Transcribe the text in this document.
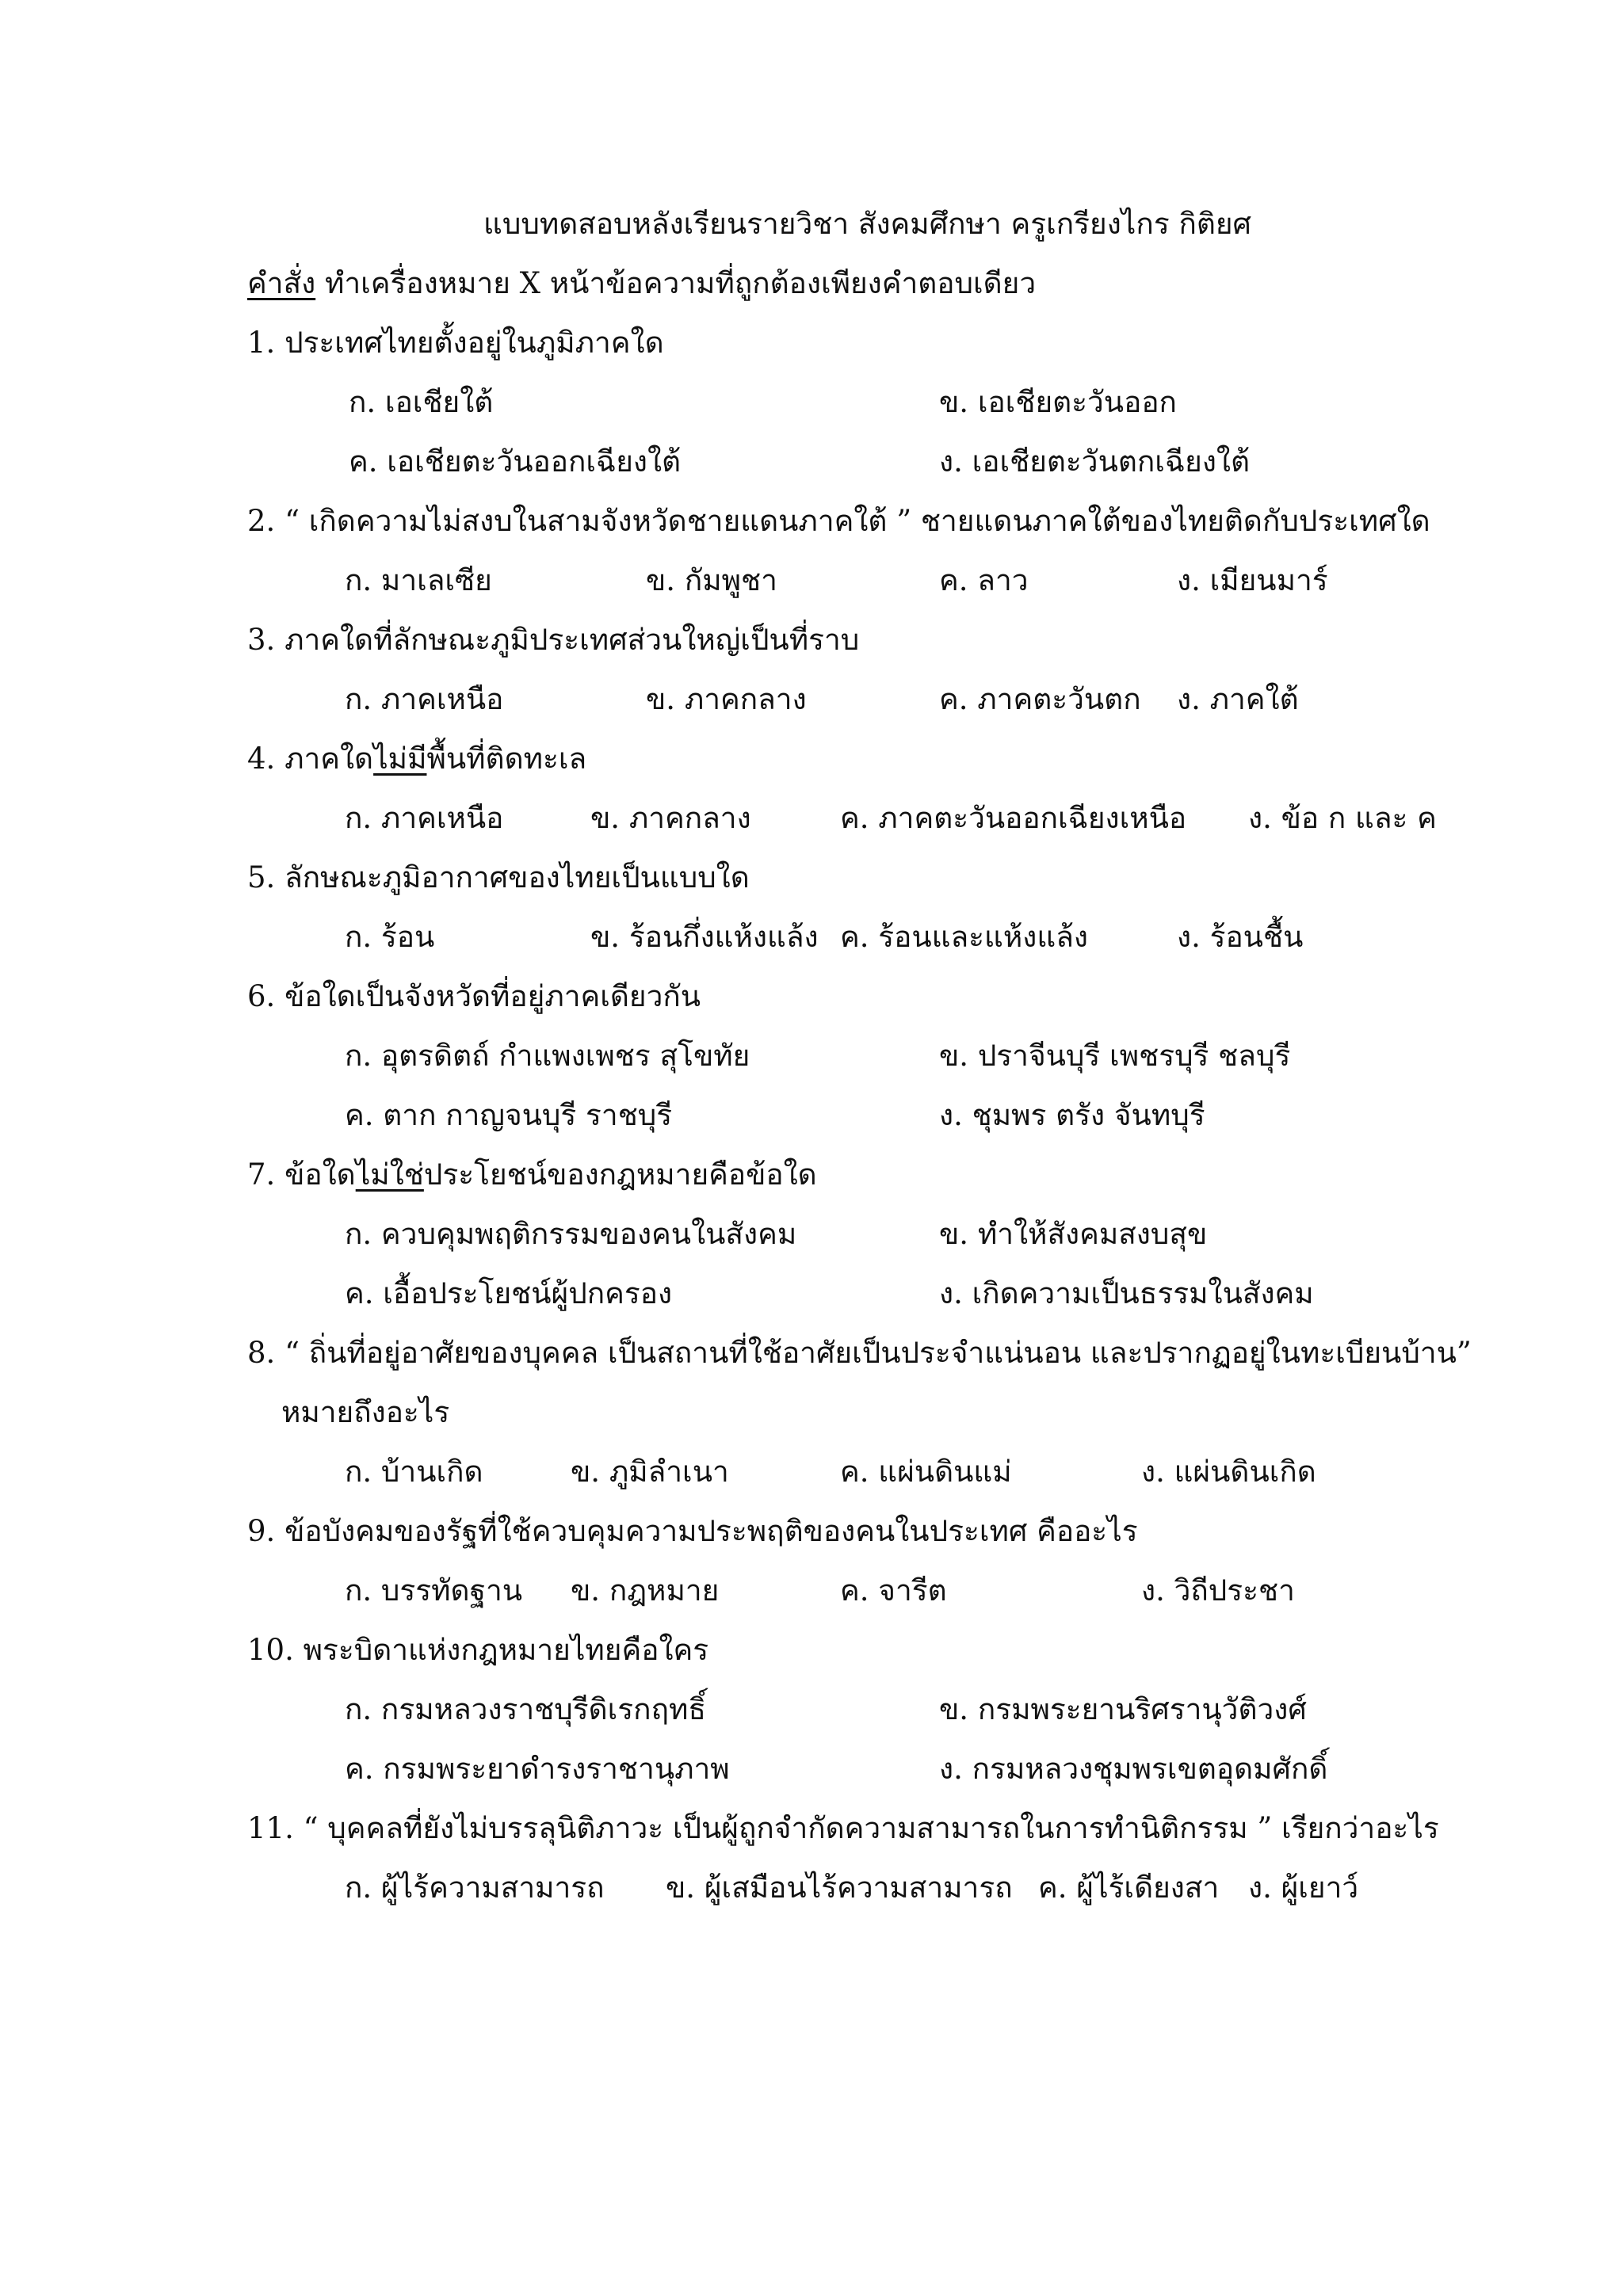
แบบทดสอบหลังเรียนรายวิชา สังคมศึกษา ครูเกรียงไกร กิติยศ
คำสั่ง ทำเครื่องหมาย X หน้าข้อความที่ถูกต้องเพียงคำตอบเดียว
1. ประเทศไทยตั้งอยู่ในภูมิภาคใด
ก. เอเชียใต้	ข. เอเชียตะวันออก
ค. เอเชียตะวันออกเฉียงใต้	ง. เอเชียตะวันตกเฉียงใต้
2. “ เกิดความไม่สงบในสามจังหวัดชายแดนภาคใต้ ” ชายแดนภาคใต้ของไทยติดกับประเทศใด
ก. มาเลเซีย	ข. กัมพูชา	ค. ลาว	ง. เมียนมาร์
3. ภาคใดที่ลักษณะภูมิประเทศส่วนใหญ่เป็นที่ราบ
ก. ภาคเหนือ	ข. ภาคกลาง	ค. ภาคตะวันตก ง. ภาคใต้
4. ภาคใดไม่มีพื้นที่ติดทะเล
ก. ภาคเหนือ	ข. ภาคกลาง	ค. ภาคตะวันออกเฉียงเหนือ ง. ข้อ ก และ ค
5. ลักษณะภูมิอากาศของไทยเป็นแบบใด
ก. ร้อน	ข. ร้อนกึ่งแห้งแล้ง ค. ร้อนและแห้งแล้ง	ง. ร้อนชื้น
6. ข้อใดเป็นจังหวัดที่อยู่ภาคเดียวกัน
ก. อุตรดิตถ์ กำแพงเพชร สุโขทัย	ข. ปราจีนบุรี เพชรบุรี ชลบุรี
ค. ตาก กาญจนบุรี ราชบุรี	ง. ชุมพร ตรัง จันทบุรี
7. ข้อใดไม่ใช่ประโยชน์ของกฎหมายคือข้อใด
ก. ควบคุมพฤติกรรมของคนในสังคม	ข. ทำให้สังคมสงบสุข
ค. เอื้อประโยชน์ผู้ปกครอง	ง. เกิดความเป็นธรรมในสังคม
8. “ ถิ่นที่อยู่อาศัยของบุคคล เป็นสถานที่ใช้อาศัยเป็นประจำแน่นอน และปรากฏอยู่ในทะเบียนบ้าน”
หมายถึงอะไร
ก. บ้านเกิด	ข. ภูมิลำเนา	ค. แผ่นดินแม่	ง. แผ่นดินเกิด
9. ข้อบังคมของรัฐที่ใช้ควบคุมความประพฤติของคนในประเทศ คืออะไร
ก. บรรทัดฐาน ข. กฎหมาย	ค. จารีต	ง. วิถีประชา
10. พระบิดาแห่งกฎหมายไทยคือใคร
ก. กรมหลวงราชบุรีดิเรกฤทธิ์	ข. กรมพระยานริศรานุวัติวงศ์
ค. กรมพระยาดำรงราชานุภาพ	ง. กรมหลวงชุมพรเขตอุดมศักดิ์
11. “ บุคคลที่ยังไม่บรรลุนิติภาวะ เป็นผู้ถูกจำกัดความสามารถในการทำนิติกรรม ” เรียกว่าอะไร
ก. ผู้ไร้ความสามารถ ข. ผู้เสมือนไร้ความสามารถ ค. ผู้ไร้เดียงสา ง. ผู้เยาว์
